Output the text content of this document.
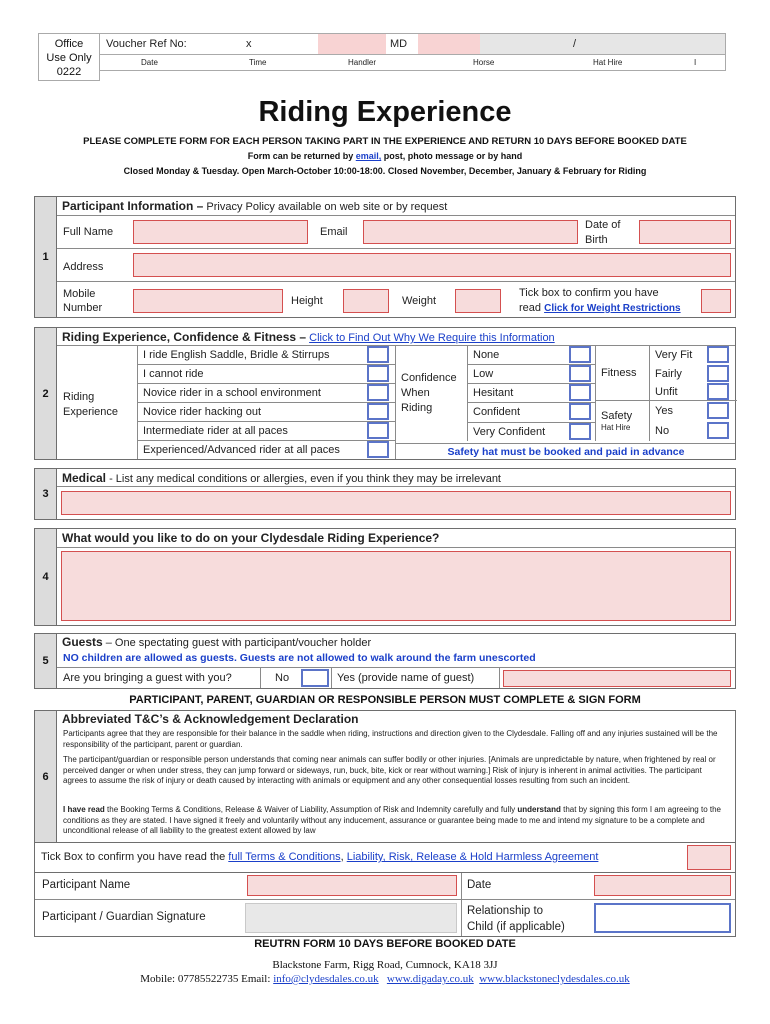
Office
Use Only
0222
Voucher Ref No:	x	MD	/
Date	Time	Handler	Horse	Hat Hire	I
Riding Experience
PLEASE COMPLETE FORM FOR EACH PERSON TAKING PART IN THE EXPERIENCE AND RETURN 10 DAYS BEFORE BOOKED DATE
Form can be returned by email, post, photo message or by hand
Closed Monday & Tuesday. Open March-October 10:00-18:00. Closed November, December, January & February for Riding
1
Participant Information – Privacy Policy available on web site or by request
Full Name	Email
Date of
Birth
Address
Mobile
Number
Height	Weight
Tick box to confirm you have
read Click for Weight Restrictions
2
Riding Experience, Confidence & Fitness – Click to Find Out Why We Require this Information
Riding
Experience
I ride English Saddle, Bridle & Stirrups
I cannot ride
Novice rider in a school environment
Novice rider hacking out
Intermediate rider at all paces
Experienced/Advanced rider at all paces
Confidence
When
Riding
None
Low
Hesitant
Confident
Very Confident
Fitness
Very Fit
Fairly
Unfit
Safety
Hat Hire
Yes
No
Safety hat must be booked and paid in advance
3
Medical - List any medical conditions or allergies, even if you think they may be irrelevant
4
What would you like to do on your Clydesdale Riding Experience?
5
Guests – One spectating guest with participant/voucher holder
NO children are allowed as guests. Guests are not allowed to walk around the farm unescorted
Are you bringing a guest with you?	No	Yes (provide name of guest)
PARTICIPANT, PARENT, GUARDIAN OR RESPONSIBLE PERSON MUST COMPLETE & SIGN FORM
6
Abbreviated T&C’s & Acknowledgement Declaration
Participants agree that they are responsible for their balance in the saddle when riding, instructions and direction given to the Clydesdale. Falling off and any injuries sustained will be the responsibility of the participant, parent or guardian.
The participant/guardian or responsible person understands that coming near animals can suffer bodily or other injuries. [Animals are unpredictable by nature, when frightened by real or perceived danger or when under stress, they can jump forward or sideways, run, buck, bite, kick or rear without warning.] Risk of injury is inherent in animal activities. The participant agrees to assume the risk of injury or death caused by interacting with animals or equipment and any other consequential losses resulting from such an incident.
I have read the Booking Terms & Conditions, Release & Waiver of Liability, Assumption of Risk and Indemnity carefully and fully understand that by signing this form I am agreeing to the conditions as they are stated. I have signed it freely and voluntarily without any inducement, assurance or guarantee being made to me and intend my signature to be a complete and unconditional release of all liability to the greatest extent allowed by law
Tick Box to confirm you have read the full Terms & Conditions, Liability, Risk, Release & Hold Harmless Agreement
Participant Name	Date
Participant / Guardian Signature	Relationship to
Child (if applicable)
REUTRN FORM 10 DAYS BEFORE BOOKED DATE
Blackstone Farm, Rigg Road, Cumnock, KA18 3JJ
Mobile: 07785522735 Email: info@clydesdales.co.uk www.digaday.co.uk www.blackstoneclydesdales.co.uk
